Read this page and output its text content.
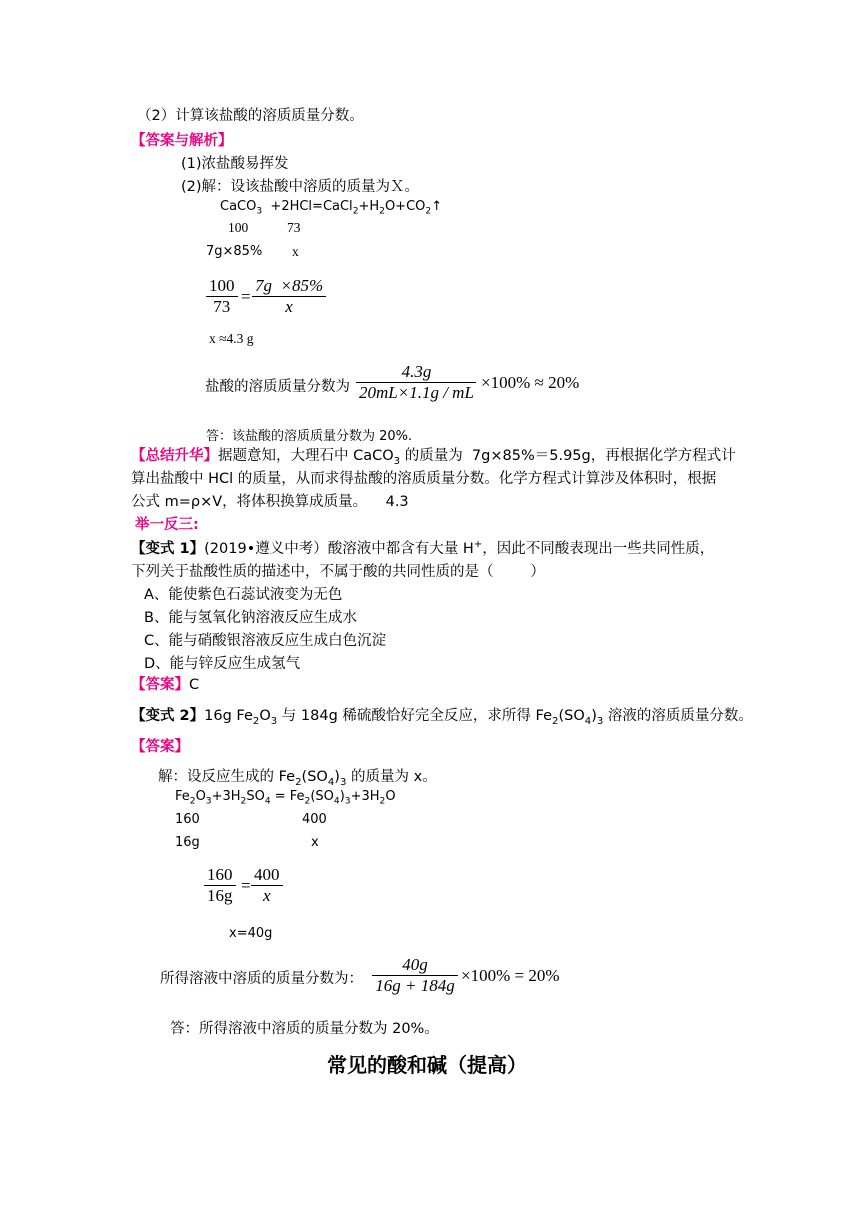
（2）计算该盐酸的溶质质量分数。
【答案与解析】
(1)浓盐酸易挥发
(2)解：设该盐酸中溶质的质量为Ｘ。
CaCO$_3$  $+2HCl=CaCl_2+H_2O+CO_2↑$
100	73
7g×85% x
100
73
=
7g  ×85%
x
x ≈4.3 g
盐酸的溶质质量分数为
4.3g
20mL×1.1g / mL
×100% ≈ 20%
答：该盐酸的溶质质量分数为 20%.
【总结升华】据题意知，大理石中 CaCO$_3$ 的质量为  7g×85%＝5.95g，再根据化学方程式计
算出盐酸中 HCl 的质量，从而求得盐酸的溶质质量分数。化学方程式计算涉及体积时，根据
公式 m=ρ×V，将体积换算成质量。    4.3
举一反三:
【变式 1】(2019•遵义中考）酸溶液中都含有大量 H+，因此不同酸表现出一些共同性质，
下列关于盐酸性质的描述中，不属于酸的共同性质的是（        ）
A、能使紫色石蕊试液变为无色
B、能与氢氧化钠溶液反应生成水
C、能与硝酸银溶液反应生成白色沉淀
D、能与锌反应生成氢气
【答案】C
【变式 2】16g $Fe_2O_3$ 与 184g 稀硫酸恰好完全反应，求所得 $Fe_2(SO_4)_3$ 溶液的溶质质量分数。
【答案】
解：设反应生成的 $Fe_2(SO_4)_3$ 的质量为 x。
$Fe_2O_3+3H_2SO_4 = Fe_2(SO_4)_3+3H_2O$
160	400
16g	x
160
16g
=
400
x
x=40g
所得溶液中溶质的质量分数为：
40g
16g + 184g
×100% = 20%
答：所得溶液中溶质的质量分数为 20%。
常见的酸和碱（提高）
